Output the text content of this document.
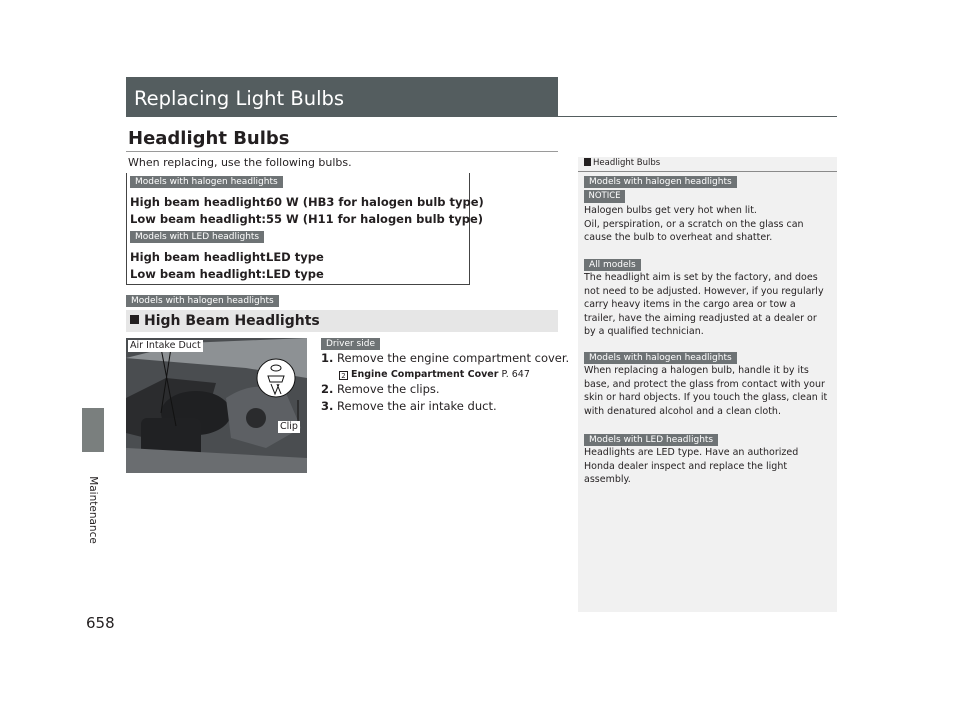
Maintenance
658
Replacing Light Bulbs
Headlight Bulbs
When replacing, use the following bulbs.
Models with halogen headlights
High beam headlight:
60 W (HB3 for halogen bulb type)
Low beam headlight: 55 W (H11 for halogen bulb type)
Models with LED headlights
High beam headlight:
LED type
Low beam headlight: LED type
Models with halogen headlights
High Beam Headlights
Air Intake Duct
Clip
Driver side
1. Remove the engine compartment cover.
2 Engine Compartment Cover P. 647
2. Remove the clips.
3. Remove the air intake duct.
Headlight Bulbs
Models with halogen headlights
NOTICE
Halogen bulbs get very hot when lit.
Oil, perspiration, or a scratch on the glass can cause the bulb to overheat and shatter.
All models
The headlight aim is set by the factory, and does not need to be adjusted. However, if you regularly carry heavy items in the cargo area or tow a trailer, have the aiming readjusted at a dealer or by a qualified technician.
Models with halogen headlights
When replacing a halogen bulb, handle it by its base, and protect the glass from contact with your skin or hard objects. If you touch the glass, clean it with denatured alcohol and a clean cloth.
Models with LED headlights
Headlights are LED type. Have an authorized Honda dealer inspect and replace the light assembly.
